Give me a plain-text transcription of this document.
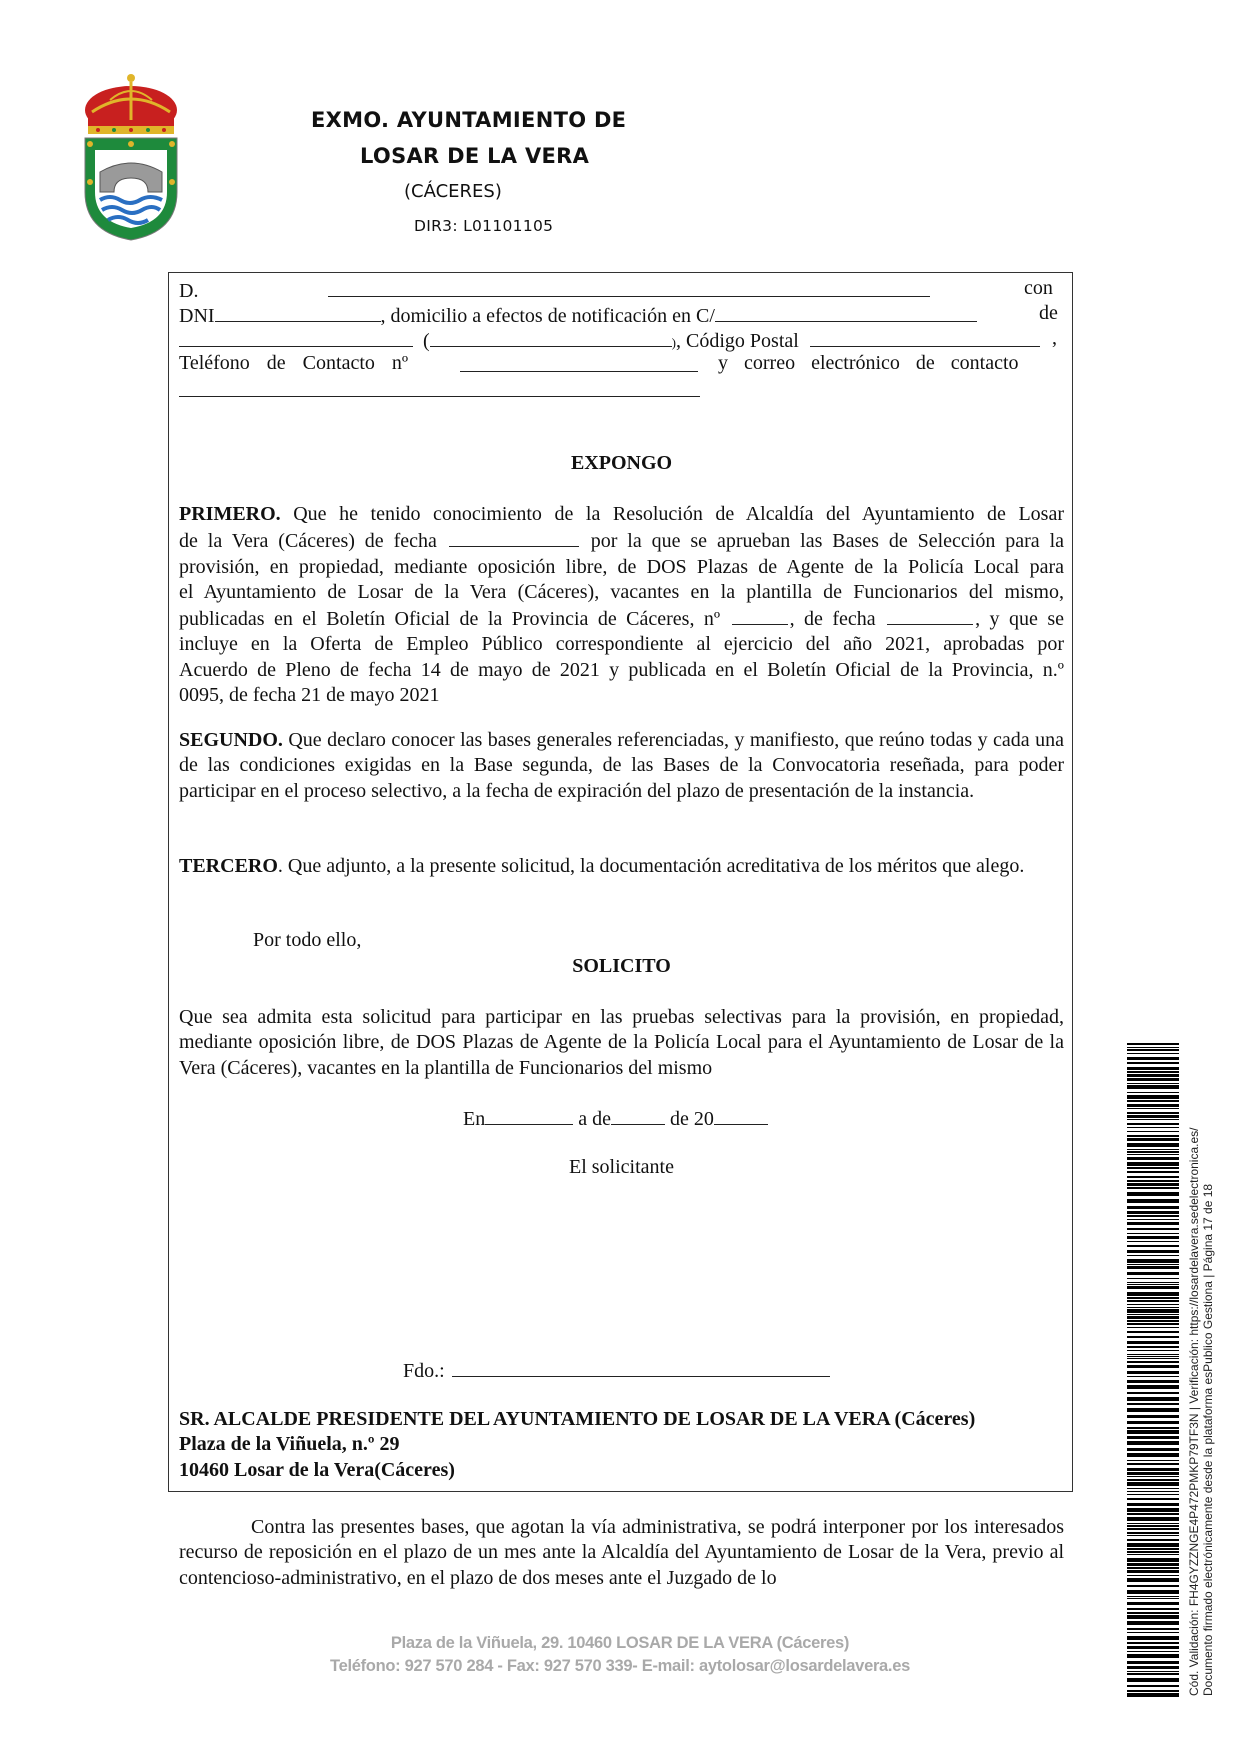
EXMO. AYUNTAMIENTO DE
LOSAR DE LA VERA
(CÁCERES)
DIR3: L01101105
D.	con
DNI	, domicilio a efectos de notificación en C/	de
(	), Código Postal	,
Teléfono de Contacto nº	y correo electrónico de contacto
EXPONGO
PRIMERO. Que he tenido conocimiento de la Resolución de Alcaldía del Ayuntamiento de Losar
de la Vera (Cáceres) de fecha	por la que se aprueban las Bases de Selección para la
provisión, en propiedad, mediante oposición libre, de DOS Plazas de Agente de la Policía Local para
el Ayuntamiento de Losar de la Vera (Cáceres), vacantes en la plantilla de Funcionarios del mismo,
publicadas en el Boletín Oficial de la Provincia de Cáceres, nº	, de fecha	, y que se
incluye en la Oferta de Empleo Público correspondiente al ejercicio del año 2021, aprobadas por
Acuerdo de Pleno de fecha 14 de mayo de 2021 y publicada en el Boletín Oficial de la Provincia, n.º
0095, de fecha 21 de mayo 2021

SEGUNDO. Que declaro conocer las bases generales referenciadas, y manifiesto, que reúno todas y cada una de las condiciones exigidas en la Base segunda, de las Bases de la Convocatoria reseñada, para poder participar en el proceso selectivo, a la fecha de expiración del plazo de presentación de la instancia.

TERCERO. Que adjunto, a la presente solicitud, la documentación acreditativa de los méritos que alego.

Por todo ello,
SOLICITO

Que sea admita esta solicitud para participar en las pruebas selectivas para la provisión, en propiedad, mediante oposición libre, de DOS Plazas de Agente de la Policía Local para el Ayuntamiento de Losar de la Vera (Cáceres), vacantes en la plantilla de Funcionarios del mismo

En	a de	de 20
El solicitante
Fdo.:
SR. ALCALDE PRESIDENTE DEL AYUNTAMIENTO DE LOSAR DE LA VERA (Cáceres)
Plaza de la Viñuela, n.º 29
10460 Losar de la Vera(Cáceres)

Contra las presentes bases, que agotan la vía administrativa, se podrá interponer por los interesados recurso de reposición en el plazo de un mes ante la Alcaldía del Ayuntamiento de Losar de la Vera, previo al contencioso-administrativo, en el plazo de dos meses ante el Juzgado de lo

Plaza de la Viñuela, 29. 10460 LOSAR DE LA VERA (Cáceres)
Teléfono: 927 570 284 - Fax: 927 570 339- E-mail: aytolosar@losardelavera.es	Cód. Validación: FH4GYZZNGE4P472PMKP79TF3N | Verificación: https://losardelavera.sedelectronica.es/ Documento firmado electrónicamente desde la plataforma esPublico Gestiona | Página 17 de 18
